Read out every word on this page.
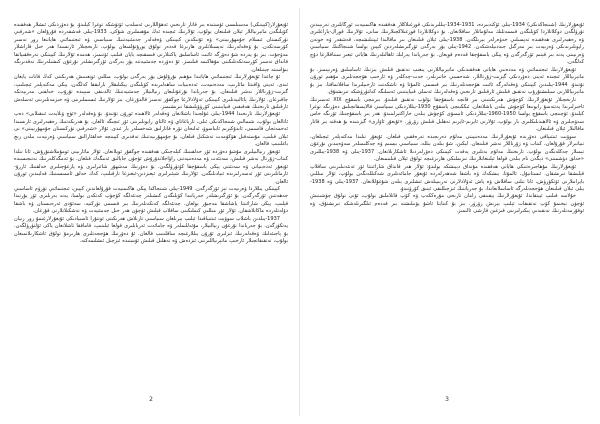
ئۇيغۇرلار(كېيىنكى) مەسىلىسى ئۈستىدە بىر قاتار تارىخىي ئەھۋاللارنى ئەسلەپ ئۆتۈشكە توغرا كېلىدۇ. بۇ دەۋردىكى ئىشلار ھەققىدە كۆپلىگەن ماتېرىياللار ئېلان قىلىنغان بولۇپ، ئۇلارنىڭ ئىچىدە ئەڭ مۇھىملىرى شۇكى، 1933-يىلى قەشقەردە قۇرۇلغان «شەرقىي تۈركىستان ئىسلام جۇمھۇرىيىتى» ۋە ئۇنىڭدىن كېيىنكى ۋەقەلەر جەمئىيەتنىڭ سىياسىي ۋە ئىجتىمائىي ھاياتىغا زور تەسىر كۆرسەتكەن. بۇ ۋەقەلەرنىڭ تەپسىلاتلىرى ھازىرغا قەدەر تولۇق يورۇتۇلمىغان بولۇپ، تارىخچىلار ئارىسىدا ھەر خىل قاراشلار مەۋجۇت. بىز بۇ يەردە شۇ دەۋرگە ئائىت ئاساسلىق پاكىتلارنى قىسقىچە بايان قىلىپ ئۆتىمىز، ھەمدە ئۇلارنىڭ كېيىنكى تەرەققىياتقا قانداق تەسىر كۆرسەتكەنلىكىنى مۇھاكىمە قىلىمىز. ئۇ دەۋردە جەمئىيەتتە يۈز بەرگەن ئۆزگىرىشلەر نۇرغۇن كىشىلەرنىڭ تەقدىرىگە بىۋاسىتە چېتىلغان.

ئۇ چاغدا ئۇيغۇرلارنىڭ ئىجتىمائىي ھاياتىدا مۇھىم بۇرۇلۇش يۈز بەرگەن بولۇپ، مىللىي ئويغىنىش ھەرىكىتى كەڭ قانات يايغان ئىدى. ئەينى ۋاقىتتا مائارىپ، مەدەنىيەت، ئەدەبىيات ساھەلىرىدە كۆپلىگەن يېڭىلىقلار بارلىققا كەلگەن، يېڭى مەكتەپلەر ئېچىلىپ، گېزىت-ژۇرناللار نەشر قىلىنغان. بۇ جەرياندا نۇرغۇنلىغان زىيالىيلار جەمئىيەتنىڭ ئالدىنقى سېپىدە تۇرۇپ، خەلقنى مەرىپەتكە چاقىرغان. ئۇلارنىڭ پائالىيەتلىرى كېيىنكى ئەۋلادلارغا چوڭقۇر تەسىر قالدۇرغان. بىز ئۇلارنىڭ ئىسىملىرىنى ۋە خىزمەتلىرىنى ئەسلەش ئارقىلىق تارىخنىڭ ھەقىقىي قىياپىتىنى كۆرۈۋېلىشقا تىرىشىمىز.

ئۇيغۇرلارنىڭ تارىخىدا 1944-يىلى غۇلجىدا باشلانغان ۋەقەلەر ئالاھىدە ئورۇن تۇتىدۇ. بۇ ۋەقەلەر «ئۈچ ۋىلايەت ئىنقىلابى» دەپ ئاتالغان بولۇپ، شىمالىي شىنجاڭدىكى ئىلى، تارباغاتاي ۋە ئالتاي رايونلىرىنى ئۆز ئىچىگە ئالغان. بۇ ھەرىكەتنىڭ رەھبەرلىرى ئارىسىدا ئەخمەتجان قاسىمى، ئابدۇكېرىم ئابباسوۋ، ئەلىخان تۆرە قاتارلىق شەخسلەر بار ئىدى. ئۇلار «شەرقىي تۈركىستان جۇمھۇرىيىتى» نى ئېلان قىلىپ، مۇستەقىل ھۆكۈمەت تەشكىل قىلغان. بۇ جۇمھۇرىيەتنىڭ تەقدىرى كېيىنچە خەلقئارالىق سىياسىي ۋەزىيەت بىلەن زىچ باغلىنىپ قالغان.

ئۇيغۇر زىيالىيلىرى مۇشۇ دەۋردە ئۆز خەلقىنىڭ كېلەچىكى ھەققىدە چوڭقۇر ئويلانغان. ئۇلار مائارىپنى ئومۇملاشتۇرۇش، ئانا تىلدا كىتاب-ژۇرنال نەشر قىلىش، سەنئەت ۋە مەدەنىيەتنى راۋاجلاندۇرۇش ئۈچۈن جاپالىق ئەمگەك قىلغان. بۇ ئەمگەكلەرنىڭ نەتىجىسىدە ئۇيغۇر ئەدەبىياتى ۋە سەنئىتى يېڭى باسقۇچقا كۆتۈرۈلگەن. بۇ دەۋرنىڭ مەشھۇر شائىرلىرى ۋە يازغۇچىلىرى خەلقنىڭ ئارزۇ-ئارمانلىرىنى ئۆز ئەسەرلىرىدە ئىپادىلىگەن. ئۇلارنىڭ شېئىرلىرى ئېغىزدىن-ئېغىزغا تارقىلىپ، كەڭ خەلق ئاممىسىنىڭ قەلبىدىن ئورۇن ئالغان.

كېيىنكى يىللاردا ۋەزىيەت تېز ئۆزگەرگەن. 1949-يىلى شىنجاڭدا يېڭى ھاكىمىيەت قۇرۇلغاندىن كېيىن، ئىجتىمائىي تۈزۈم ئاساسىي جەھەتتىن ئۆزگەرگەن. بۇ ئۆزگىرىشلەر جەريانىدا كۆپلىگەن كىشىلەر چەتئەلگە كۆچۈپ كەتكەن بولسا، يەنە بەزىلىرى ئۆز يۇرتىدا قېلىپ، يېڭى شارائىتتا ياشاشقا مەجبۇر بولغان. چەتئەلگە كەتكەنلەرنىڭ بىر قىسمى تۈركىيە، سەئۇدى ئەرەبىستان ۋە باشقا دۆلەتلەردە ماكانلاشقان. ئۇلار ئۆز مىللىي كىملىكىنى ساقلاپ قېلىش ئۈچۈن ھەر خىل جەمئىيەت ۋە تەشكىلاتلارنى قۇرغان.

1937-يىلدىن باشلاپ سوۋېت ئىتتىپاقىدا ئېلىپ بېرىلغان سىياسىي تازىلاش ھەرىكىتى ئوتتۇرا ئاسىيادىكى ئۇيغۇرلارغىمۇ زور زىيان يەتكۈزگەن. بۇ جەرياندا نۇرغۇن زىيالىيلار، مۇئەللىملەر ۋە جامائەت ئەربابلىرى قولغا ئېلىنىپ، قاماققا تاشلانغان ياكى ئۆلتۈرۈلگەن. بۇ پاجىئەلىك ۋەقەلەرنىڭ ئىزلىرى ئۇزۇن يىللارغىچە ساقلىنىپ قالغان. ئۇ دەۋرنىڭ ھۆججەتلىرى ھازىرمۇ تولۇق ئاشكارىلانمىغان بولۇپ، تەتقىقاتچىلار ئارخىپ ماتېرىياللىرىنى ئىزدەش ۋە تەھلىل قىلىش ئۈستىدە ئىزچىل ئىشلىمەكتە.

2

ئۇيغۇرلارنىڭ (شىنجاڭدىكى) 1934-يىلى ئۆكتەبىردە، 1931-1934-يىللىرىدىكى قوزغىلاڭلار ھەققىدە ھاكىمىيەت ئورگانلىرى تەرىپىدىن تۈزۈلگەن دوكلاتلاردا كۆپلىگەن قىممەتلىك مەلۇماتلار ساقلانغان. بۇ دوكلاتلاردا قوزغىلاڭچىلارنىڭ سانى، ئۇلارنىڭ قورال-ياراغلىرى ۋە رەھبەرلىرى ھەققىدە تەپسىلىي خەۋەرلەر بېرىلگەن. 1938-يىلى ئېلان قىلىنغان بىر ماقالىدا ئېيتىلىشىچە، قەشقەر ۋە خوتەن رايونلىرىدىكى ۋەزىيەت بىر مەزگىل جىددىيلەشكەن. 1942-يىلى يۈز بەرگەن ئۆزگىرىشلەردىن كېيىن بولسا شىنجاڭنىڭ سىياسىي ۋەزىيىتى يەنە بىر قېتىم ئۆزگەرگەن ۋە يېڭى باسقۇچقا قەدەم قويغان. بۇ جەرياندا يەرلىك ئاھالىلەرنىڭ ھاياتى ئېغىر سىناقلارغا دۇچ كەلگەن.

ئۇيغۇرلارنىڭ ئىجتىمائىي ۋە مەدەنىي ھاياتى ھەققىدىكى ماتېرىياللارنى يىغىپ تەتقىق قىلىش بىزنىڭ ئاساسلىق ۋەزىپىمىز. بۇ ماتېرىياللار ئىچىدە ئەينى دەۋردىكى گېزىت-ژۇرناللار، شەخسىي خاتىرىلەر، خەت-چەكلەر ۋە ئارخىپ ھۆججەتلىرى مۇھىم ئورۇن تۇتىدۇ. 1944-يىلىدىن كېيىنكى ۋەقەلەرگە ئائىت ھۆججەتلەرنىڭ بىر قىسمى ئالمۇتا ۋە تاشكەنت ئارخىپلىرىدا ساقلانماقتا. بىز بۇ ماتېرىياللارنى سېلىشتۇرۇپ تەتقىق قىلىش ئارقىلىق تارىخىي ۋەقەلەرنىڭ ئەسلى قىياپىتىنى ئەسلىگە كەلتۈرۈشكە تىرىشتۇق.

تارىخچىلار ئۇيغۇرلارنىڭ كۆچۈش ھەرىكىتىنى بىر قانچە باسقۇچقا بۆلۈپ تەتقىق قىلىدۇ. بىرىنچى باسقۇچ XIX ئەسىرنىڭ ئاخىرلىرىدا يەتتەسۇ رايونىغا كۆچۈش بىلەن باشلانغان. ئىككىنچى باسقۇچ 1930-يىللاردىكى سىياسىي قالايمىقانچىلىق دەۋرىگە توغرا كېلىدۇ. ئۈچىنچى باسقۇچ بولسا 1950-1960-يىللاردىكى ئاممىۋى كۆچۈش بىلەن خاراكتېرلىنىدۇ. ھەر بىر باسقۇچنىڭ ئۆزىگە خاس سەۋەبلىرى ۋە ئالاھىدىلىكلىرى بار بولۇپ، ئۇلارنى ئايرىم-ئايرىم تەھلىل قىلىش زۆرۈر. «ئۇيغۇر ئاۋازى» گېزىتىدە بۇ ھەقتە بىر قاتار ماقالىلار ئېلان قىلىنغان.

سوۋېت ئىتتىپاقى دەۋرىدە ئۇيغۇرلارنىڭ مەدەنىيىتى مەلۇم دەرىجىدە تەرەققىي قىلغان. ئۇيغۇر تىلىدا مەكتەپلەر ئېچىلغان، تىياتىرلار قۇرۇلغان، كىتاب ۋە ژۇرناللار نەشر قىلىنغان. لېكىن، شۇ بىلەن بىللە، سىياسىي بېسىم ۋە چەكلىمىلەر سەۋەبىدىن نۇرغۇن تېمىلار چەكلەنگەن بولۇپ، تارىخنىڭ مەلۇم بەتلىرى پەقەت كېيىنكى دەۋرلەردىلا ئاشكارىلانغان. 1937-يىلى ۋە 1938-يىللىرى «خەلق دۈشمىنى» دېگەن نام بىلەن قولغا ئېلىنغانلارنىڭ تىزىملىكى ھازىرغىچە تولۇق ئېلان قىلىنمىغان.

ئۇيغۇرلارنىڭ مۇھاجىرەتتىكى ھاياتى ھەققىدە مۇنداق دېيىشكە بولىدۇ: ئۇلار ھەر قانداق شارائىتتا ئۆز ئەنئەنىلىرىنى ساقلاپ قېلىشقا تىرىشقان. ئىستانبۇل، ئالمۇتا، بىشكەك ۋە باشقا شەھەرلەردە ئۇيغۇر جامائەتلىرى شەكىللەنگەن بولۇپ، ئۇلار مىللىي بايراملارنى ئۆتكۈزۈش، ئانا تىلنى ساقلاش ۋە ياش ئەۋلادلارنى تەربىيىلەش ئىشلىرى بىلەن شۇغۇللانغان. 1937-يىلى ۋە 1938-يىلى ئېلان قىلىنغان ھۆججەتلەرگە ئاساسلانغاندا، بۇ جەرياننىڭ ئىزچىللىقى ئېنىق كۆرۈنىدۇ.

خۇلاسە قىلىپ ئېيتقاندا، ئۇيغۇرلارنىڭ يېقىنقى زامان تارىخى مۇرەككەپ ۋە كۆپ قاتلاملىق بولۇپ، ئۇنى تولۇق چۈشىنىش ئۈچۈن تېخىمۇ كۆپ تەتقىقات ئېلىپ بېرىش زۆرۈر. بىز بۇ كىتابتا ئاشۇ يۆنىلىشتە بىر قەدەم ئىلگىرىلەشكە تىرىشتۇق، ۋە ئوقۇرمەنلەرنىڭ تەنقىدىي پىكىرلىرىنى قىزغىن قارشى ئالىمىز.

3
